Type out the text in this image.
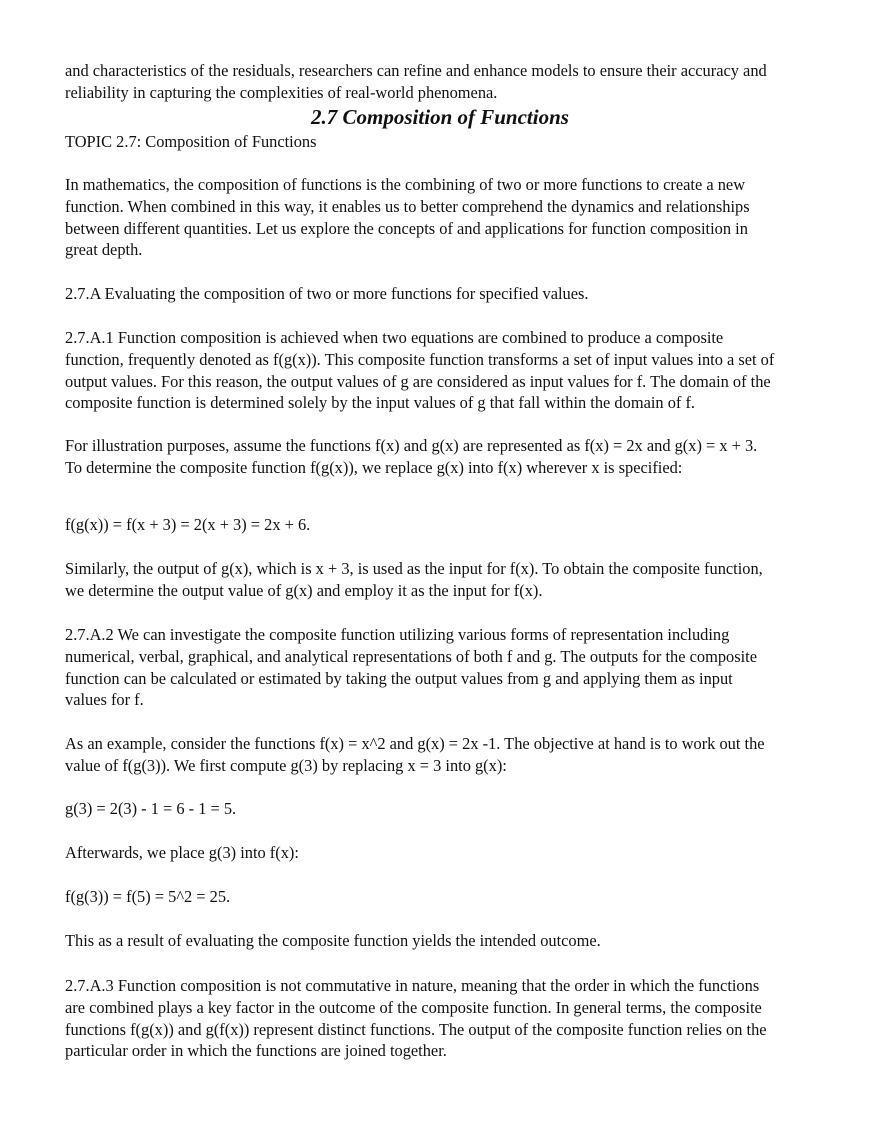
and characteristics of the residuals, researchers can refine and enhance models to ensure their accuracy and
reliability in capturing the complexities of real-world phenomena.
2.7 Composition of Functions
TOPIC 2.7: Composition of Functions
In mathematics, the composition of functions is the combining of two or more functions to create a new
function. When combined in this way, it enables us to better comprehend the dynamics and relationships
between different quantities. Let us explore the concepts of and applications for function composition in
great depth.
2.7.A Evaluating the composition of two or more functions for specified values.
2.7.A.1 Function composition is achieved when two equations are combined to produce a composite
function, frequently denoted as f(g(x)). This composite function transforms a set of input values into a set of
output values. For this reason, the output values of g are considered as input values for f. The domain of the
composite function is determined solely by the input values of g that fall within the domain of f.
For illustration purposes, assume the functions f(x) and g(x) are represented as f(x) = 2x and g(x) = x + 3.
To determine the composite function f(g(x)), we replace g(x) into f(x) wherever x is specified:
f(g(x)) = f(x + 3) = 2(x + 3) = 2x + 6.
Similarly, the output of g(x), which is x + 3, is used as the input for f(x). To obtain the composite function,
we determine the output value of g(x) and employ it as the input for f(x).
2.7.A.2 We can investigate the composite function utilizing various forms of representation including
numerical, verbal, graphical, and analytical representations of both f and g. The outputs for the composite
function can be calculated or estimated by taking the output values from g and applying them as input
values for f.
As an example, consider the functions f(x) = x^2 and g(x) = 2x -1. The objective at hand is to work out the
value of f(g(3)). We first compute g(3) by replacing x = 3 into g(x):
g(3) = 2(3) - 1 = 6 - 1 = 5.
Afterwards, we place g(3) into f(x):
f(g(3)) = f(5) = 5^2 = 25.
This as a result of evaluating the composite function yields the intended outcome.
2.7.A.3 Function composition is not commutative in nature, meaning that the order in which the functions
are combined plays a key factor in the outcome of the composite function. In general terms, the composite
functions f(g(x)) and g(f(x)) represent distinct functions. The output of the composite function relies on the
particular order in which the functions are joined together.
